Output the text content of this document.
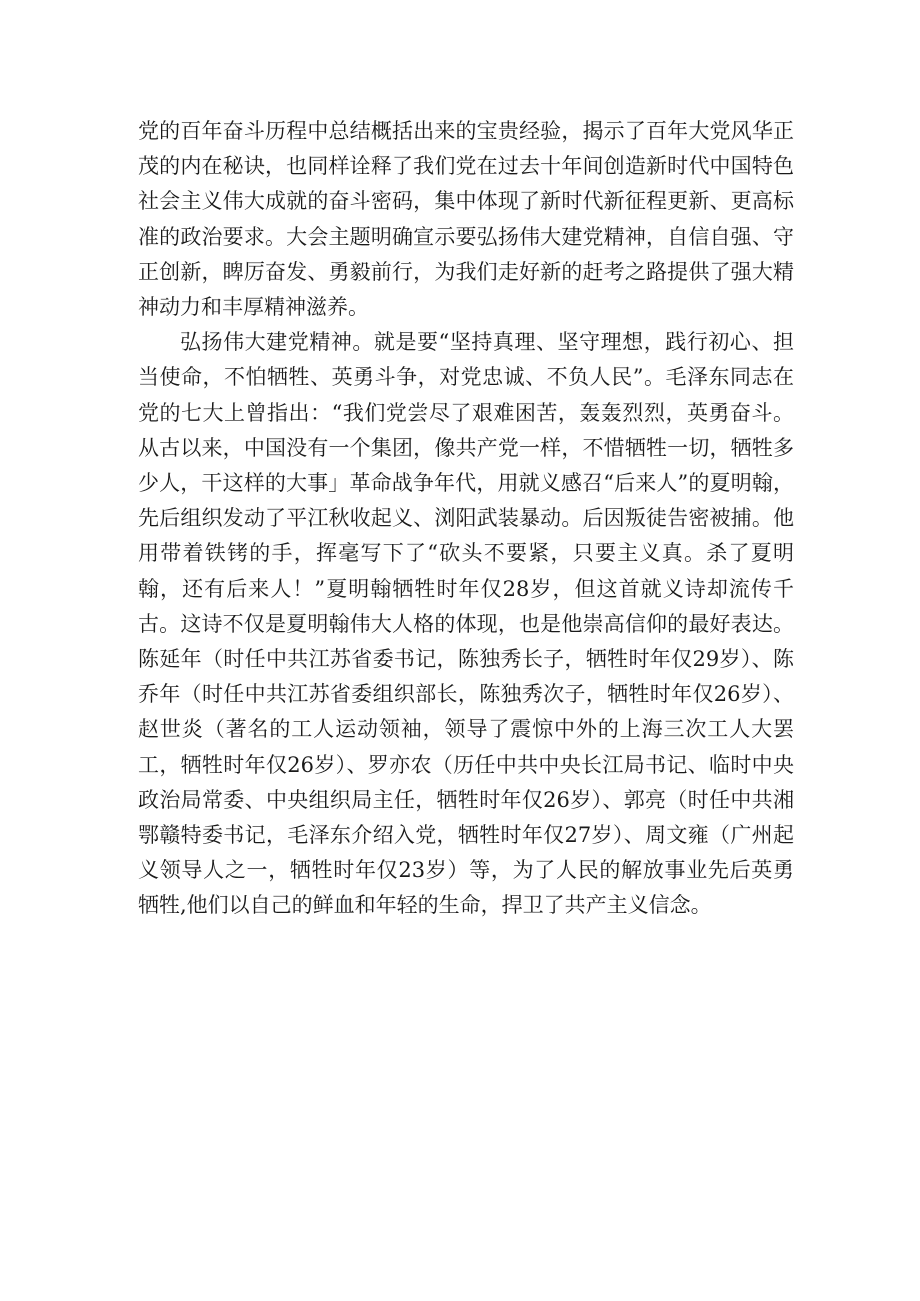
党的百年奋斗历程中总结概括出来的宝贵经验，揭示了百年大党风华正茂的内在秘诀，也同样诠释了我们党在过去十年间创造新时代中国特色社会主义伟大成就的奋斗密码，集中体现了新时代新征程更新、更高标准的政治要求。大会主题明确宣示要弘扬伟大建党精神，自信自强、守正创新，睥厉奋发、勇毅前行，为我们走好新的赶考之路提供了强大精神动力和丰厚精神滋养。

弘扬伟大建党精神。就是要“坚持真理、坚守理想，践行初心、担当使命，不怕牺牲、英勇斗争，对党忠诚、不负人民”。毛泽东同志在党的七大上曾指出：“我们党尝尽了艰难困苦，轰轰烈烈，英勇奋斗。从古以来，中国没有一个集团，像共产党一样，不惜牺牲一切，牺牲多少人，干这样的大事」革命战争年代，用就义感召“后来人”的夏明翰，先后组织发动了平江秋收起义、浏阳武装暴动。后因叛徒告密被捕。他用带着铁铐的手，挥毫写下了“砍头不要紧，只要主义真。杀了夏明翰，还有后来人！”夏明翰牺牲时年仅28岁，但这首就义诗却流传千古。这诗不仅是夏明翰伟大人格的体现，也是他崇高信仰的最好表达。陈延年（时任中共江苏省委书记，陈独秀长子，牺牲时年仅29岁）、陈乔年（时任中共江苏省委组织部长，陈独秀次子，牺牲时年仅26岁）、赵世炎（著名的工人运动领袖，领导了震惊中外的上海三次工人大罢工，牺牲时年仅26岁）、罗亦农（历任中共中央长江局书记、临时中央政治局常委、中央组织局主任，牺牲时年仅26岁）、郭亮（时任中共湘鄂赣特委书记，毛泽东介绍入党，牺牲时年仅27岁）、周文雍（广州起义领导人之一，牺牲时年仅23岁）等，为了人民的解放事业先后英勇牺牲,他们以自己的鲜血和年轻的生命，捍卫了共产主义信念。
